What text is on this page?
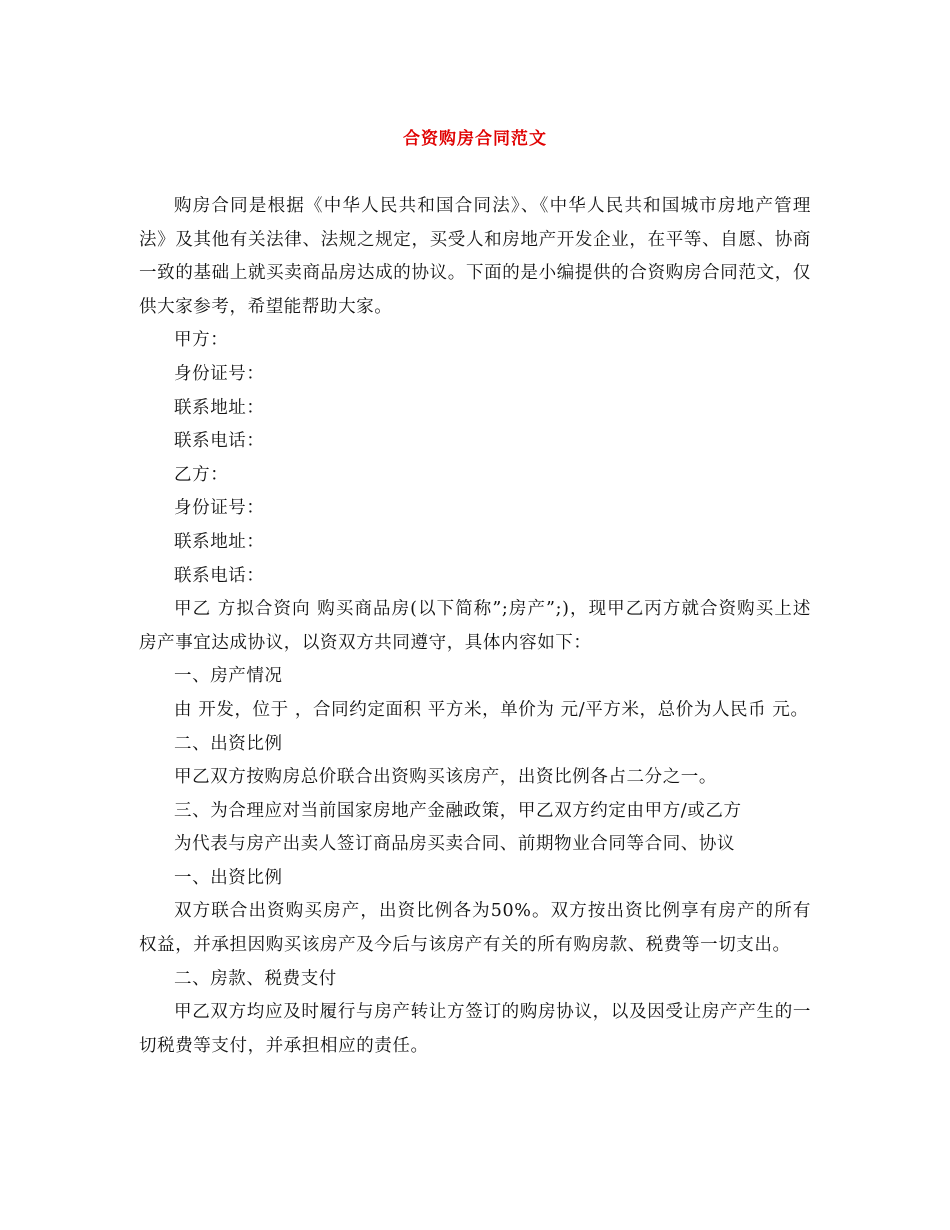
合资购房合同范文

购房合同是根据《中华人民共和国合同法》、《中华人民共和国城市房地产管理法》及其他有关法律、法规之规定，买受人和房地产开发企业，在平等、自愿、协商一致的基础上就买卖商品房达成的协议。下面的是小编提供的合资购房合同范文，仅供大家参考，希望能帮助大家。

甲方：

身份证号：

联系地址：

联系电话：

乙方：

身份证号：

联系地址：

联系电话：

甲乙 方拟合资向 购买商品房(以下简称”;房产”;)，现甲乙丙方就合资购买上述房产事宜达成协议，以资双方共同遵守，具体内容如下：

一、房产情况

由 开发，位于 ，合同约定面积 平方米，单价为 元/平方米，总价为人民币 元。

二、出资比例

甲乙双方按购房总价联合出资购买该房产，出资比例各占二分之一。

三、为合理应对当前国家房地产金融政策，甲乙双方约定由甲方/或乙方

为代表与房产出卖人签订商品房买卖合同、前期物业合同等合同、协议

一、出资比例

双方联合出资购买房产，出资比例各为50%。双方按出资比例享有房产的所有权益，并承担因购买该房产及今后与该房产有关的所有购房款、税费等一切支出。

二、房款、税费支付

甲乙双方均应及时履行与房产转让方签订的购房协议，以及因受让房产产生的一切税费等支付，并承担相应的责任。
